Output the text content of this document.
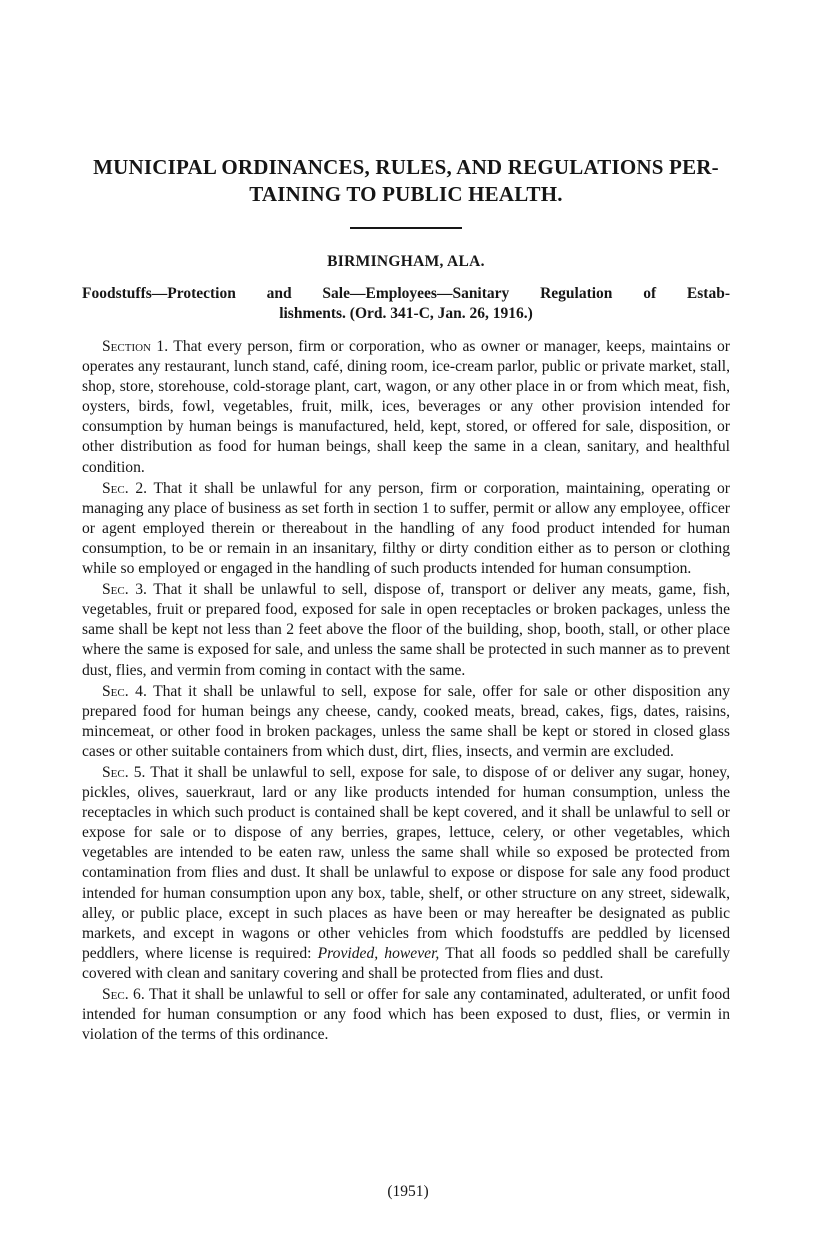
MUNICIPAL ORDINANCES, RULES, AND REGULATIONS PER-
TAINING TO PUBLIC HEALTH.
BIRMINGHAM, ALA.
Foodstuffs—Protection and Sale—Employees—Sanitary Regulation of Estab-
lishments. (Ord. 341-C, Jan. 26, 1916.)

Section 1. That every person, firm or corporation, who as owner or manager, keeps, maintains or operates any restaurant, lunch stand, café, dining room, ice-cream parlor, public or private market, stall, shop, store, storehouse, cold-storage plant, cart, wagon, or any other place in or from which meat, fish, oysters, birds, fowl, vegetables, fruit, milk, ices, beverages or any other provision intended for consumption by human beings is manufactured, held, kept, stored, or offered for sale, disposition, or other distribution as food for human beings, shall keep the same in a clean, sanitary, and healthful condition.

Sec. 2. That it shall be unlawful for any person, firm or corporation, maintaining, operating or managing any place of business as set forth in section 1 to suffer, permit or allow any employee, officer or agent employed therein or thereabout in the handling of any food product intended for human consumption, to be or remain in an insanitary, filthy or dirty condition either as to person or clothing while so employed or engaged in the handling of such products intended for human consumption.

Sec. 3. That it shall be unlawful to sell, dispose of, transport or deliver any meats, game, fish, vegetables, fruit or prepared food, exposed for sale in open receptacles or broken packages, unless the same shall be kept not less than 2 feet above the floor of the building, shop, booth, stall, or other place where the same is exposed for sale, and unless the same shall be protected in such manner as to prevent dust, flies, and vermin from coming in contact with the same.

Sec. 4. That it shall be unlawful to sell, expose for sale, offer for sale or other disposition any prepared food for human beings any cheese, candy, cooked meats, bread, cakes, figs, dates, raisins, mincemeat, or other food in broken packages, unless the same shall be kept or stored in closed glass cases or other suitable containers from which dust, dirt, flies, insects, and vermin are excluded.

Sec. 5. That it shall be unlawful to sell, expose for sale, to dispose of or deliver any sugar, honey, pickles, olives, sauerkraut, lard or any like products intended for human consumption, unless the receptacles in which such product is contained shall be kept covered, and it shall be unlawful to sell or expose for sale or to dispose of any berries, grapes, lettuce, celery, or other vegetables, which vegetables are intended to be eaten raw, unless the same shall while so exposed be protected from contamination from flies and dust. It shall be unlawful to expose or dispose for sale any food product intended for human consumption upon any box, table, shelf, or other structure on any street, sidewalk, alley, or public place, except in such places as have been or may hereafter be designated as public markets, and except in wagons or other vehicles from which foodstuffs are peddled by licensed peddlers, where license is required: Provided, however, That all foods so peddled shall be carefully covered with clean and sanitary covering and shall be protected from flies and dust.

Sec. 6. That it shall be unlawful to sell or offer for sale any contaminated, adulterated, or unfit food intended for human consumption or any food which has been exposed to dust, flies, or vermin in violation of the terms of this ordinance.

(1951)
